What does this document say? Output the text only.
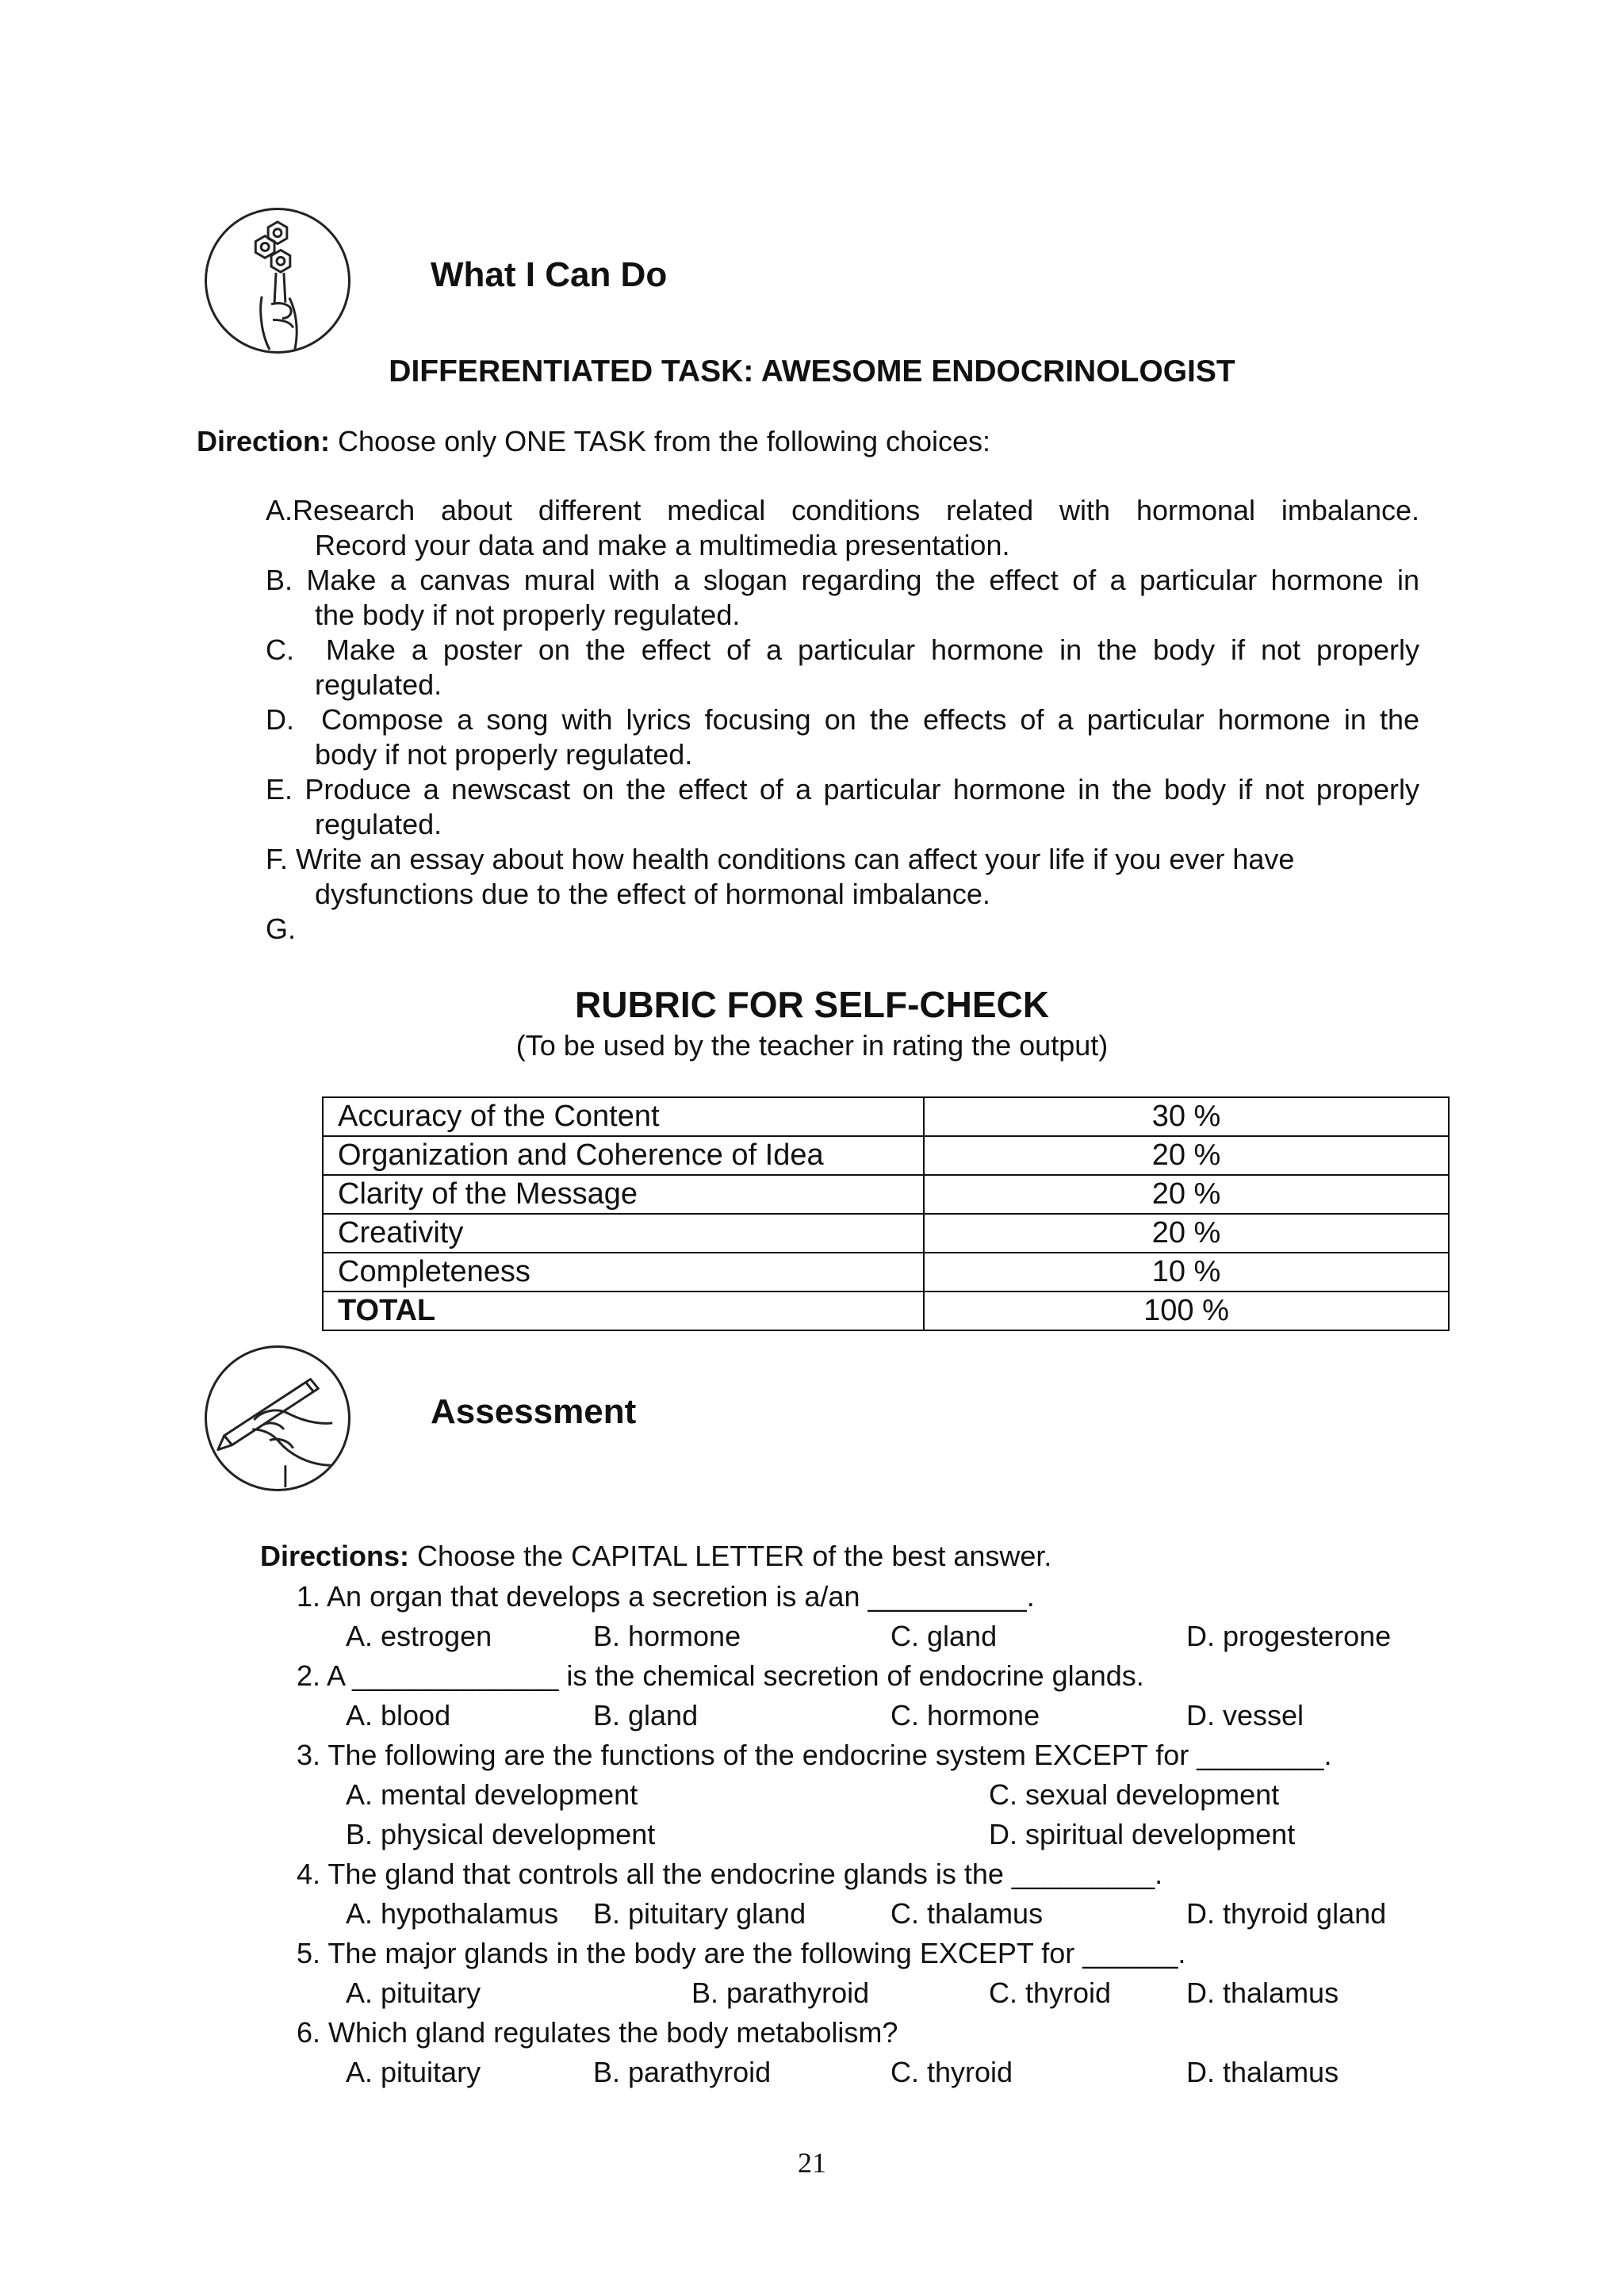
What I Can Do
DIFFERENTIATED TASK: AWESOME ENDOCRINOLOGIST
Direction: Choose only ONE TASK from the following choices:
A.Research about different medical conditions related with hormonal imbalance.
Record your data and make a multimedia presentation.
B. Make a canvas mural with a slogan regarding the effect of a particular hormone in
the body if not properly regulated.
C. Make a poster on the effect of a particular hormone in the body if not properly
regulated.
D. Compose a song with lyrics focusing on the effects of a particular hormone in the
body if not properly regulated.
E. Produce a newscast on the effect of a particular hormone in the body if not properly
regulated.
F. Write an essay about how health conditions can affect your life if you ever have
dysfunctions due to the effect of hormonal imbalance.
G.
RUBRIC FOR SELF-CHECK
(To be used by the teacher in rating the output)
Accuracy of the Content	30 %
Organization and Coherence of Idea	20 %
Clarity of the Message	20 %
Creativity	20 %
Completeness	10 %
TOTAL	100 %
Assessment
Directions: Choose the CAPITAL LETTER of the best answer.
1. An organ that develops a secretion is a/an __________.
A. estrogen	B. hormone	C. gland	D. progesterone
2. A _____________ is the chemical secretion of endocrine glands.
A. blood	B. gland	C. hormone	D. vessel
3. The following are the functions of the endocrine system EXCEPT for ________.
A. mental development	C. sexual development
B. physical development	D. spiritual development
4. The gland that controls all the endocrine glands is the _________.
A. hypothalamus B. pituitary gland	C. thalamus	D. thyroid gland
5. The major glands in the body are the following EXCEPT for ______.
A. pituitary	B. parathyroid	C. thyroid	D. thalamus
6. Which gland regulates the body metabolism?
A. pituitary	B. parathyroid	C. thyroid	D. thalamus
21
